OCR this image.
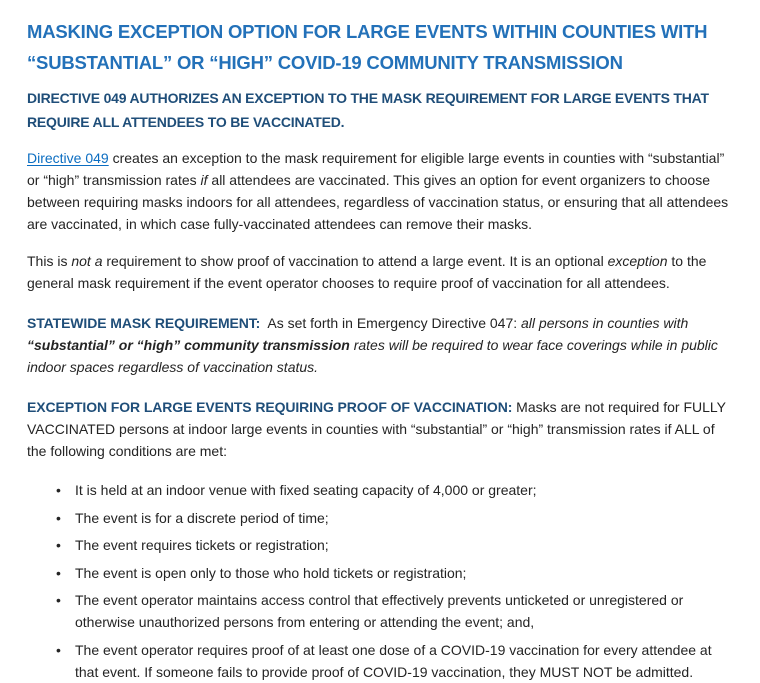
MASKING EXCEPTION OPTION FOR LARGE EVENTS WITHIN COUNTIES WITH “SUBSTANTIAL” OR “HIGH” COVID-19 COMMUNITY TRANSMISSION
DIRECTIVE 049 AUTHORIZES AN EXCEPTION TO THE MASK REQUIREMENT FOR LARGE EVENTS THAT REQUIRE ALL ATTENDEES TO BE VACCINATED.

Directive 049 creates an exception to the mask requirement for eligible large events in counties with “substantial” or “high” transmission rates if all attendees are vaccinated. This gives an option for event organizers to choose between requiring masks indoors for all attendees, regardless of vaccination status, or ensuring that all attendees are vaccinated, in which case fully-vaccinated attendees can remove their masks.

This is not a requirement to show proof of vaccination to attend a large event. It is an optional exception to the general mask requirement if the event operator chooses to require proof of vaccination for all attendees.

STATEWIDE MASK REQUIREMENT: As set forth in Emergency Directive 047: all persons in counties with “substantial” or “high” community transmission rates will be required to wear face coverings while in public indoor spaces regardless of vaccination status.

EXCEPTION FOR LARGE EVENTS REQUIRING PROOF OF VACCINATION: Masks are not required for FULLY VACCINATED persons at indoor large events in counties with “substantial” or “high” transmission rates if ALL of the following conditions are met:

• It is held at an indoor venue with fixed seating capacity of 4,000 or greater;
• The event is for a discrete period of time;
• The event requires tickets or registration;
• The event is open only to those who hold tickets or registration;
• The event operator maintains access control that effectively prevents unticketed or unregistered or otherwise unauthorized persons from entering or attending the event; and,
• The event operator requires proof of at least one dose of a COVID-19 vaccination for every attendee at that event. If someone fails to provide proof of COVID-19 vaccination, they MUST NOT be admitted.
